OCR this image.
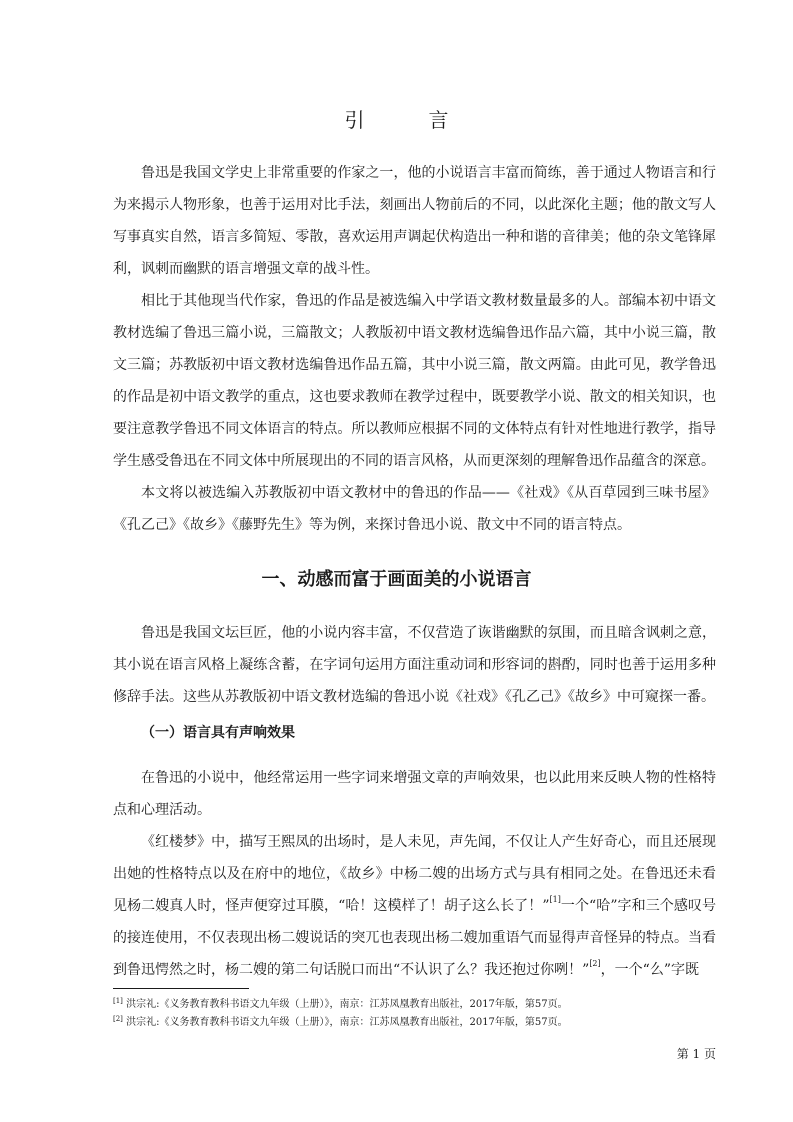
引　言

鲁迅是我国文学史上非常重要的作家之一，他的小说语言丰富而简练，善于通过人物语言和行为来揭示人物形象，也善于运用对比手法，刻画出人物前后的不同，以此深化主题；他的散文写人写事真实自然，语言多简短、零散，喜欢运用声调起伏构造出一种和谐的音律美；他的杂文笔锋犀利，讽刺而幽默的语言增强文章的战斗性。

相比于其他现当代作家，鲁迅的作品是被选编入中学语文教材数量最多的人。部编本初中语文教材选编了鲁迅三篇小说，三篇散文；人教版初中语文教材选编鲁迅作品六篇，其中小说三篇，散文三篇；苏教版初中语文教材选编鲁迅作品五篇，其中小说三篇，散文两篇。由此可见，教学鲁迅的作品是初中语文教学的重点，这也要求教师在教学过程中，既要教学小说、散文的相关知识，也要注意教学鲁迅不同文体语言的特点。所以教师应根据不同的文体特点有针对性地进行教学，指导学生感受鲁迅在不同文体中所展现出的不同的语言风格，从而更深刻的理解鲁迅作品蕴含的深意。

本文将以被选编入苏教版初中语文教材中的鲁迅的作品——《社戏》《从百草园到三味书屋》《孔乙己》《故乡》《藤野先生》等为例，来探讨鲁迅小说、散文中不同的语言特点。

一、动感而富于画面美的小说语言

鲁迅是我国文坛巨匠，他的小说内容丰富，不仅营造了诙谐幽默的氛围，而且暗含讽刺之意，其小说在语言风格上凝练含蓄，在字词句运用方面注重动词和形容词的斟酌，同时也善于运用多种修辞手法。这些从苏教版初中语文教材选编的鲁迅小说《社戏》《孔乙己》《故乡》中可窥探一番。

（一）语言具有声响效果

在鲁迅的小说中，他经常运用一些字词来增强文章的声响效果，也以此用来反映人物的性格特点和心理活动。

《红楼梦》中，描写王熙凤的出场时，是人未见，声先闻，不仅让人产生好奇心，而且还展现出她的性格特点以及在府中的地位，《故乡》中杨二嫂的出场方式与具有相同之处。在鲁迅还未看见杨二嫂真人时，怪声便穿过耳膜，“哈！这模样了！胡子这么长了！”[1]一个“哈”字和三个感叹号的接连使用，不仅表现出杨二嫂说话的突兀也表现出杨二嫂加重语气而显得声音怪异的特点。当看到鲁迅愕然之时，杨二嫂的第二句话脱口而出“不认识了么？我还抱过你咧！”[2]，一个“么”字既

[1] 洪宗礼:《义务教育教科书语文九年级（上册）》，南京：江苏凤凰教育出版社，2017年版，第57页。
[2] 洪宗礼:《义务教育教科书语文九年级（上册）》，南京：江苏凤凰教育出版社，2017年版，第57页。
第 1 页
